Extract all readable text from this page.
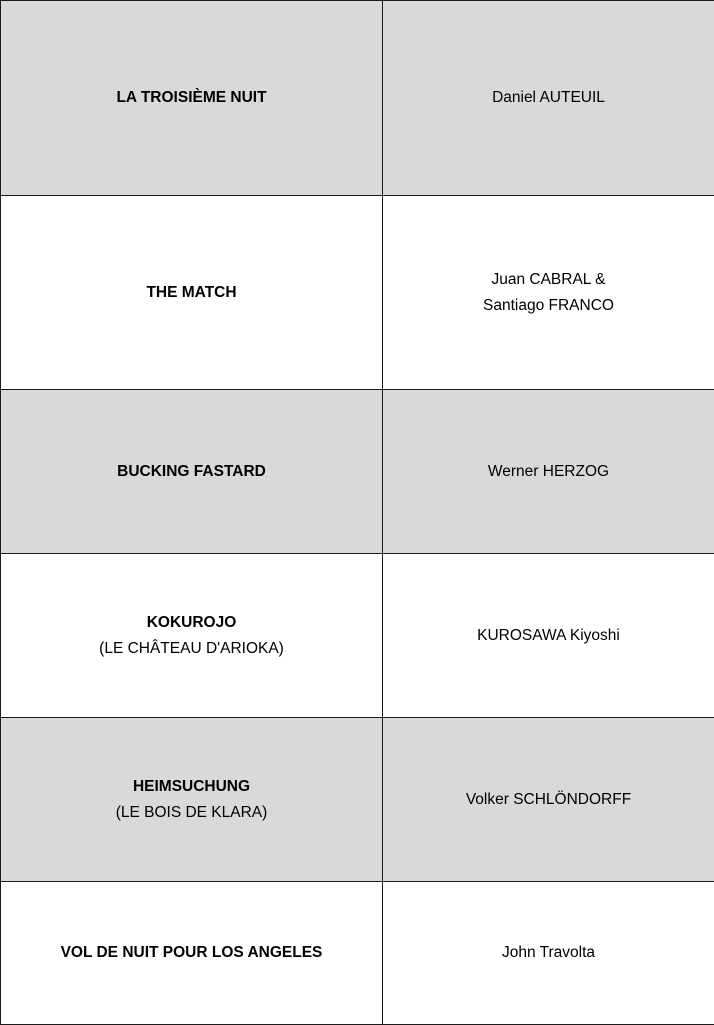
LA TROISIÈME NUIT	Daniel AUTEUIL

THE MATCH	Juan CABRAL &
Santiago FRANCO

BUCKING FASTARD	Werner HERZOG

KOKUROJO
(LE CHÂTEAU D'ARIOKA)	KUROSAWA Kiyoshi

HEIMSUCHUNG
(LE BOIS DE KLARA)	Volker SCHLÖNDORFF

VOL DE NUIT POUR LOS ANGELES	John Travolta
